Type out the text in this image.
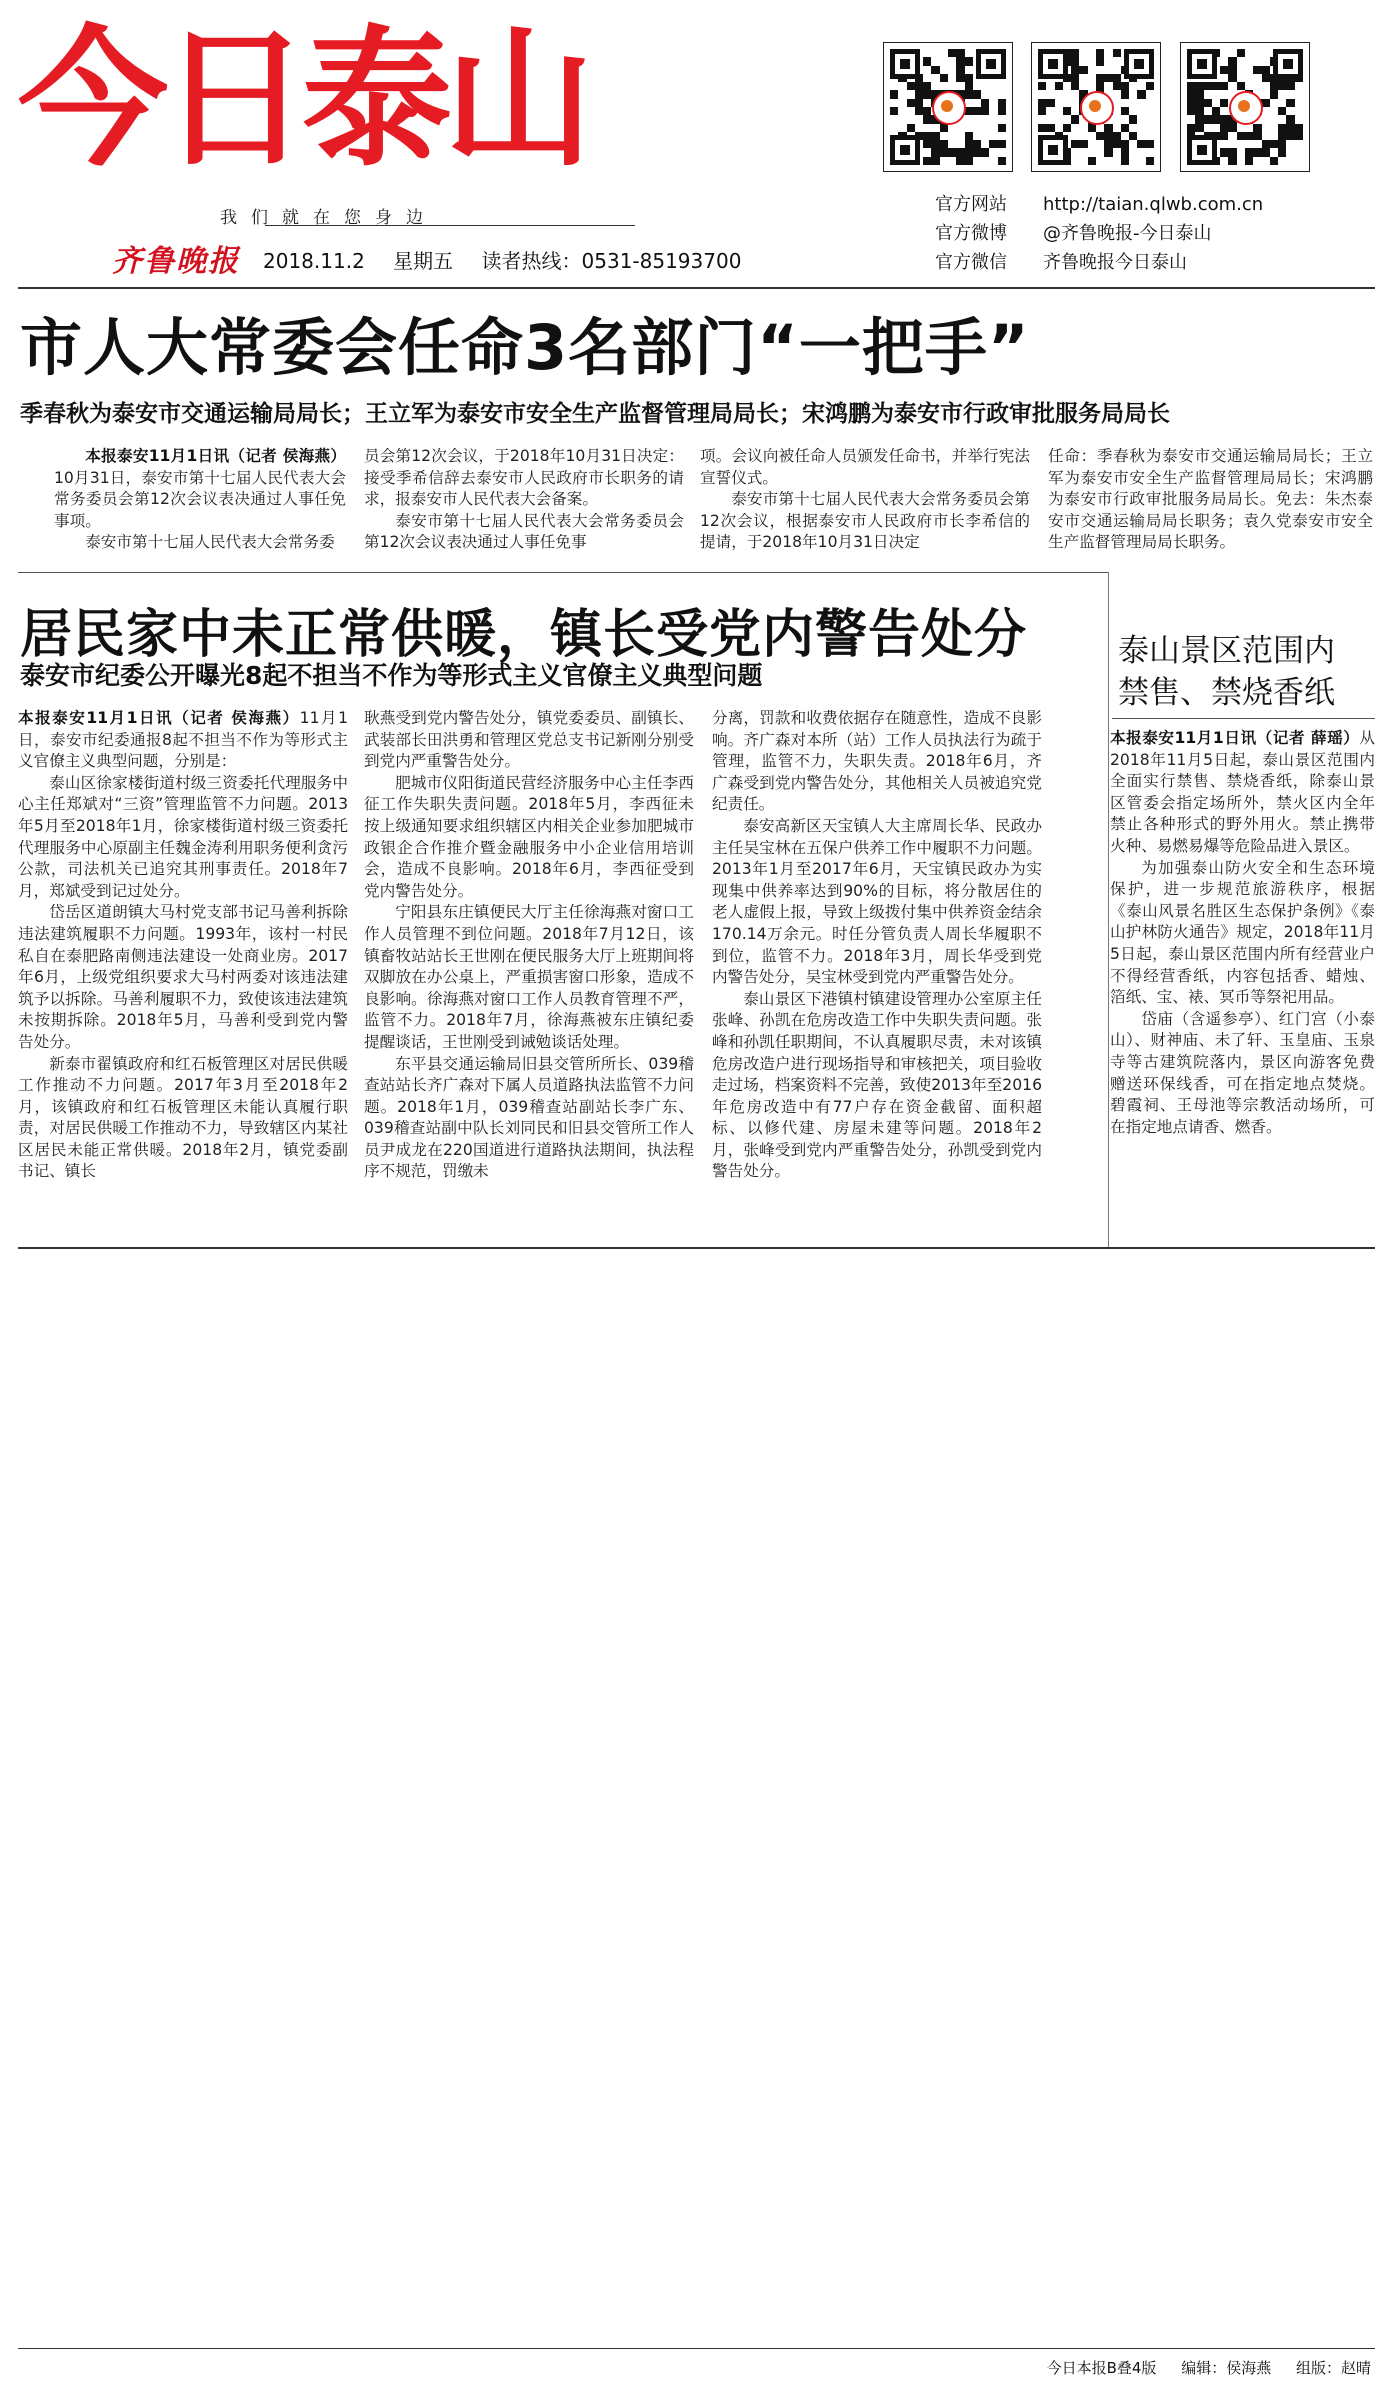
今日泰山
我们就在您身边
齐鲁晚报 2018.11.2 星期五 读者热线：0531-85193700
官方网站 http://taian.qlwb.com.cn
官方微博 @齐鲁晚报-今日泰山
官方微信 齐鲁晚报今日泰山
市人大常委会任命3名部门“一把手”
季春秋为泰安市交通运输局局长；王立军为泰安市安全生产监督管理局局长；宋鸿鹏为泰安市行政审批服务局局长

本报泰安11月1日讯（记者 侯海燕）10月31日，泰安市第十七届人民代表大会常务委员会第12次会议表决通过人事任免事项。

泰安市第十七届人民代表大会常务委

员会第12次会议，于2018年10月31日决定：接受季希信辞去泰安市人民政府市长职务的请求，报泰安市人民代表大会备案。

泰安市第十七届人民代表大会常务委员会第12次会议表决通过人事任免事

项。会议向被任命人员颁发任命书，并举行宪法宣誓仪式。

泰安市第十七届人民代表大会常务委员会第12次会议，根据泰安市人民政府市长李希信的提请，于2018年10月31日决定

任命：季春秋为泰安市交通运输局局长；王立军为泰安市安全生产监督管理局局长；宋鸿鹏为泰安市行政审批服务局局长。免去：朱杰泰安市交通运输局局长职务；袁久党泰安市安全生产监督管理局局长职务。

居民家中未正常供暖，镇长受党内警告处分
泰安市纪委公开曝光8起不担当不作为等形式主义官僚主义典型问题

本报泰安11月1日讯（记者 侯海燕）11月1日，泰安市纪委通报8起不担当不作为等形式主义官僚主义典型问题，分别是：

泰山区徐家楼街道村级三资委托代理服务中心主任郑斌对“三资”管理监管不力问题。2013年5月至2018年1月，徐家楼街道村级三资委托代理服务中心原副主任魏金涛利用职务便利贪污公款，司法机关已追究其刑事责任。2018年7月，郑斌受到记过处分。

岱岳区道朗镇大马村党支部书记马善利拆除违法建筑履职不力问题。1993年，该村一村民私自在泰肥路南侧违法建设一处商业房。2017年6月，上级党组织要求大马村两委对该违法建筑予以拆除。马善利履职不力，致使该违法建筑未按期拆除。2018年5月，马善利受到党内警告处分。

新泰市翟镇政府和红石板管理区对居民供暖工作推动不力问题。2017年3月至2018年2月，该镇政府和红石板管理区未能认真履行职责，对居民供暖工作推动不力，导致辖区内某社区居民未能正常供暖。2018年2月，镇党委副书记、镇长

耿燕受到党内警告处分，镇党委委员、副镇长、武装部长田洪勇和管理区党总支书记新刚分别受到党内严重警告处分。

肥城市仪阳街道民营经济服务中心主任李西征工作失职失责问题。2018年5月，李西征未按上级通知要求组织辖区内相关企业参加肥城市政银企合作推介暨金融服务中小企业信用培训会，造成不良影响。2018年6月，李西征受到党内警告处分。

宁阳县东庄镇便民大厅主任徐海燕对窗口工作人员管理不到位问题。2018年7月12日，该镇畜牧站站长王世刚在便民服务大厅上班期间将双脚放在办公桌上，严重损害窗口形象，造成不良影响。徐海燕对窗口工作人员教育管理不严，监管不力。2018年7月，徐海燕被东庄镇纪委提醒谈话，王世刚受到诫勉谈话处理。

东平县交通运输局旧县交管所所长、039稽查站站长齐广森对下属人员道路执法监管不力问题。2018年1月，039稽查站副站长李广东、039稽查站副中队长刘同民和旧县交管所工作人员尹成龙在220国道进行道路执法期间，执法程序不规范，罚缴未

分离，罚款和收费依据存在随意性，造成不良影响。齐广森对本所（站）工作人员执法行为疏于管理，监管不力，失职失责。2018年6月，齐广森受到党内警告处分，其他相关人员被追究党纪责任。

泰安高新区天宝镇人大主席周长华、民政办主任吴宝林在五保户供养工作中履职不力问题。2013年1月至2017年6月，天宝镇民政办为实现集中供养率达到90%的目标，将分散居住的老人虚假上报，导致上级拨付集中供养资金结余170.14万余元。时任分管负责人周长华履职不到位，监管不力。2018年3月，周长华受到党内警告处分，吴宝林受到党内严重警告处分。

泰山景区下港镇村镇建设管理办公室原主任张峰、孙凯在危房改造工作中失职失责问题。张峰和孙凯任职期间，不认真履职尽责，未对该镇危房改造户进行现场指导和审核把关，项目验收走过场，档案资料不完善，致使2013年至2016年危房改造中有77户存在资金截留、面积超标、以修代建、房屋未建等问题。2018年2月，张峰受到党内严重警告处分，孙凯受到党内警告处分。

泰山景区范围内
禁售、禁烧香纸

本报泰安11月1日讯（记者 薛瑶）从2018年11月5日起，泰山景区范围内全面实行禁售、禁烧香纸，除泰山景区管委会指定场所外，禁火区内全年禁止各种形式的野外用火。禁止携带火种、易燃易爆等危险品进入景区。

为加强泰山防火安全和生态环境保护，进一步规范旅游秩序，根据《泰山风景名胜区生态保护条例》《泰山护林防火通告》规定，2018年11月5日起，泰山景区范围内所有经营业户不得经营香纸，内容包括香、蜡烛、箔纸、宝、裱、冥币等祭祀用品。

岱庙（含遥参亭）、红门宫（小泰山）、财神庙、未了轩、玉皇庙、玉泉寺等古建筑院落内，景区向游客免费赠送环保线香，可在指定地点焚烧。碧霞祠、王母池等宗教活动场所，可在指定地点请香、燃香。

今日本报B叠4版 编辑：侯海燕 组版：赵晴
